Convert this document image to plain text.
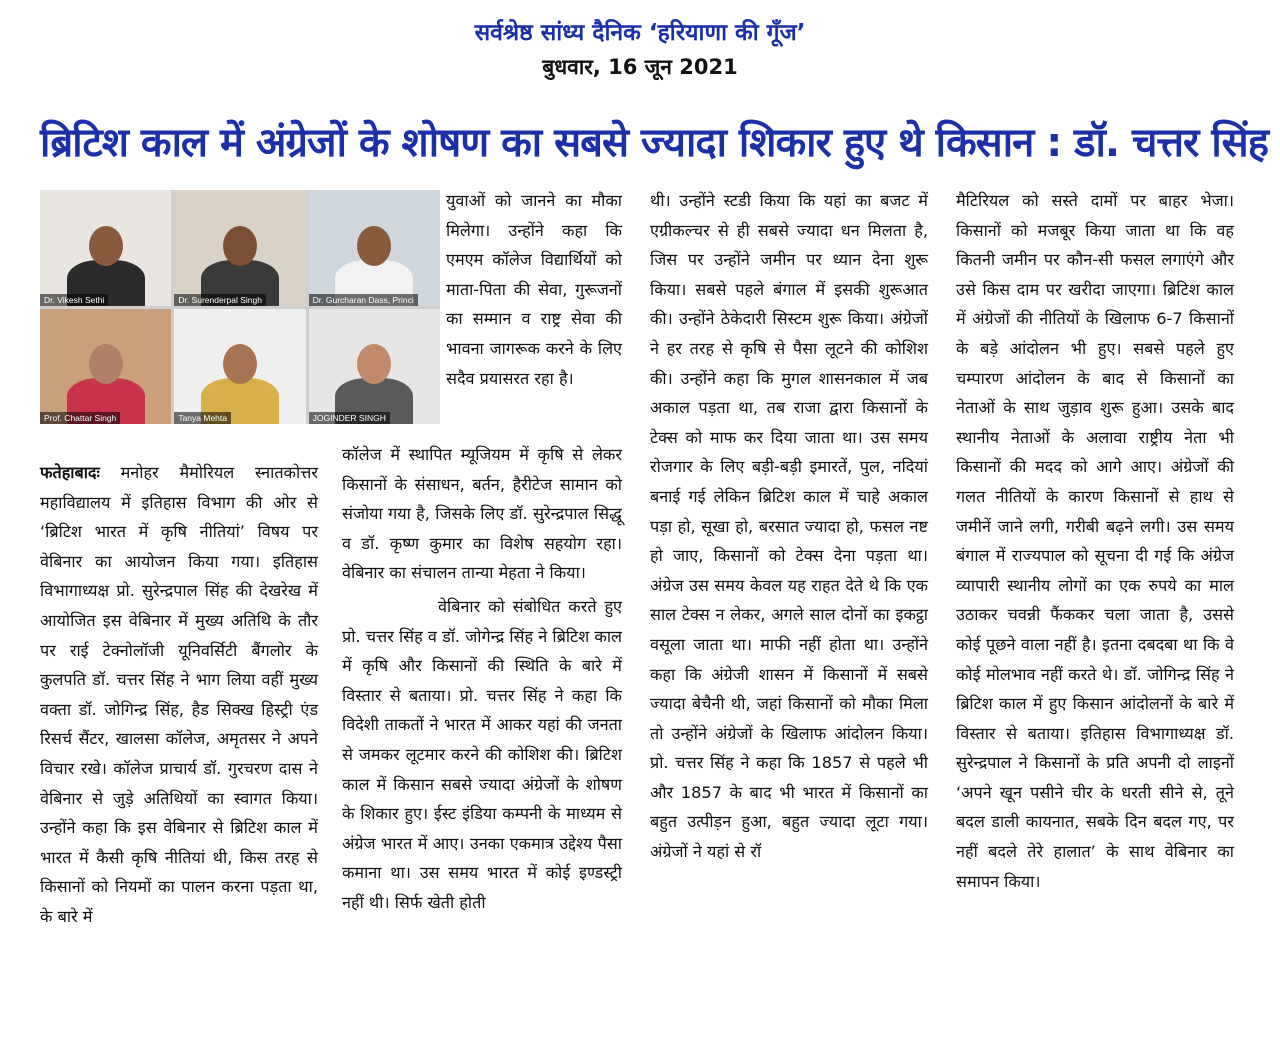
सर्वश्रेष्ठ सांध्य दैनिक ‘हरियाणा की गूँज’
बुधवार, 16 जून 2021
ब्रिटिश काल में अंग्रेजों के शोषण का सबसे ज्यादा शिकार हुए थे किसान : डॉ. चत्तर सिंह
Dr. Vikesh Sethi	Dr. Surenderpal Singh	Dr. Gurcharan Dass, Princi
Prof. Chattar Singh	Tanya Mehta	JOGINDER SINGH

फतेहाबादः मनोहर मैमोरियल स्नातकोत्तर महाविद्यालय में इतिहास विभाग की ओर से ‘ब्रिटिश भारत में कृषि नीतियां’ विषय पर वेबिनार का आयोजन किया गया। इतिहास विभागाध्यक्ष प्रो. सुरेन्द्रपाल सिंह की देखरेख में आयोजित इस वेबिनार में मुख्य अतिथि के तौर पर राई टेक्नोलॉजी यूनिवर्सिटी बैंगलोर के कुलपति डॉ. चत्तर सिंह ने भाग लिया वहीं मुख्य वक्ता डॉ. जोगिन्द्र सिंह, हैड सिक्ख हिस्ट्री एंड रिसर्च सैंटर, खालसा कॉलेज, अमृतसर ने अपने विचार रखे। कॉलेज प्राचार्य डॉ. गुरचरण दास ने वेबिनार से जुड़े अतिथियों का स्वागत किया। उन्होंने कहा कि इस वेबिनार से ब्रिटिश काल में भारत में कैसी कृषि नीतियां थी, किस तरह से किसानों को नियमों का पालन करना पड़ता था, के बारे में

युवाओं को जानने का मौका मिलेगा। उन्होंने कहा कि एमएम कॉलेज विद्यार्थियों को माता-पिता की सेवा, गुरूजनों का सम्मान व राष्ट्र सेवा की भावना जागरूक करने के लिए सदैव प्रयासरत रहा है।

कॉलेज में स्थापित म्यूजियम में कृषि से लेकर किसानों के संसाधन, बर्तन, हैरीटेज सामान को संजोया गया है, जिसके लिए डॉ. सुरेन्द्रपाल सिद्धू व डॉ. कृष्ण कुमार का विशेष सहयोग रहा। वेबिनार का संचालन तान्या मेहता ने किया।

वेबिनार को संबोधित करते हुए प्रो. चत्तर सिंह व डॉ. जोगेन्द्र सिंह ने ब्रिटिश काल में कृषि और किसानों की स्थिति के बारे में विस्तार से बताया। प्रो. चत्तर सिंह ने कहा कि विदेशी ताकतों ने भारत में आकर यहां की जनता से जमकर लूटमार करने की कोशिश की। ब्रिटिश काल में किसान सबसे ज्यादा अंग्रेजों के शोषण के शिकार हुए। ईस्ट इंडिया कम्पनी के माध्यम से अंग्रेज भारत में आए। उनका एकमात्र उद्देश्य पैसा कमाना था। उस समय भारत में कोई इण्डस्ट्री नहीं थी। सिर्फ खेती होती

थी। उन्होंने स्टडी किया कि यहां का बजट में एग्रीकल्चर से ही सबसे ज्यादा धन मिलता है, जिस पर उन्होंने जमीन पर ध्यान देना शुरू किया। सबसे पहले बंगाल में इसकी शुरूआत की। उन्होंने ठेकेदारी सिस्टम शुरू किया। अंग्रेजों ने हर तरह से कृषि से पैसा लूटने की कोशिश की। उन्होंने कहा कि मुगल शासनकाल में जब अकाल पड़ता था, तब राजा द्वारा किसानों के टेक्स को माफ कर दिया जाता था। उस समय रोजगार के लिए बड़ी-बड़ी इमारतें, पुल, नदियां बनाई गई लेकिन ब्रिटिश काल में चाहे अकाल पड़ा हो, सूखा हो, बरसात ज्यादा हो, फसल नष्ट हो जाए, किसानों को टेक्स देना पड़ता था। अंग्रेज उस समय केवल यह राहत देते थे कि एक साल टेक्स न लेकर, अगले साल दोनों का इकट्ठा वसूला जाता था। माफी नहीं होता था। उन्होंने कहा कि अंग्रेजी शासन में किसानों में सबसे ज्यादा बेचैनी थी, जहां किसानों को मौका मिला तो उन्होंने अंग्रेजों के खिलाफ आंदोलन किया। प्रो. चत्तर सिंह ने कहा कि 1857 से पहले भी और 1857 के बाद भी भारत में किसानों का बहुत उत्पीड़न हुआ, बहुत ज्यादा लूटा गया। अंग्रेजों ने यहां से रॉ

मैटिरियल को सस्ते दामों पर बाहर भेजा। किसानों को मजबूर किया जाता था कि वह कितनी जमीन पर कौन-सी फसल लगाएंगे और उसे किस दाम पर खरीदा जाएगा। ब्रिटिश काल में अंग्रेजों की नीतियों के खिलाफ 6-7 किसानों के बड़े आंदोलन भी हुए। सबसे पहले हुए चम्पारण आंदोलन के बाद से किसानों का नेताओं के साथ जुड़ाव शुरू हुआ। उसके बाद स्थानीय नेताओं के अलावा राष्ट्रीय नेता भी किसानों की मदद को आगे आए। अंग्रेजों की गलत नीतियों के कारण किसानों से हाथ से जमीनें जाने लगी, गरीबी बढ़ने लगी। उस समय बंगाल में राज्यपाल को सूचना दी गई कि अंग्रेज व्यापारी स्थानीय लोगों का एक रुपये का माल उठाकर चवन्नी फैंककर चला जाता है, उससे कोई पूछने वाला नहीं है। इतना दबदबा था कि वे कोई मोलभाव नहीं करते थे। डॉ. जोगिन्द्र सिंह ने ब्रिटिश काल में हुए किसान आंदोलनों के बारे में विस्तार से बताया। इतिहास विभागाध्यक्ष डॉ. सुरेन्द्रपाल ने किसानों के प्रति अपनी दो लाइनों ‘अपने खून पसीने चीर के धरती सीने से, तूने बदल डाली कायनात, सबके दिन बदल गए, पर नहीं बदले तेरे हालात’ के साथ वेबिनार का समापन किया।
